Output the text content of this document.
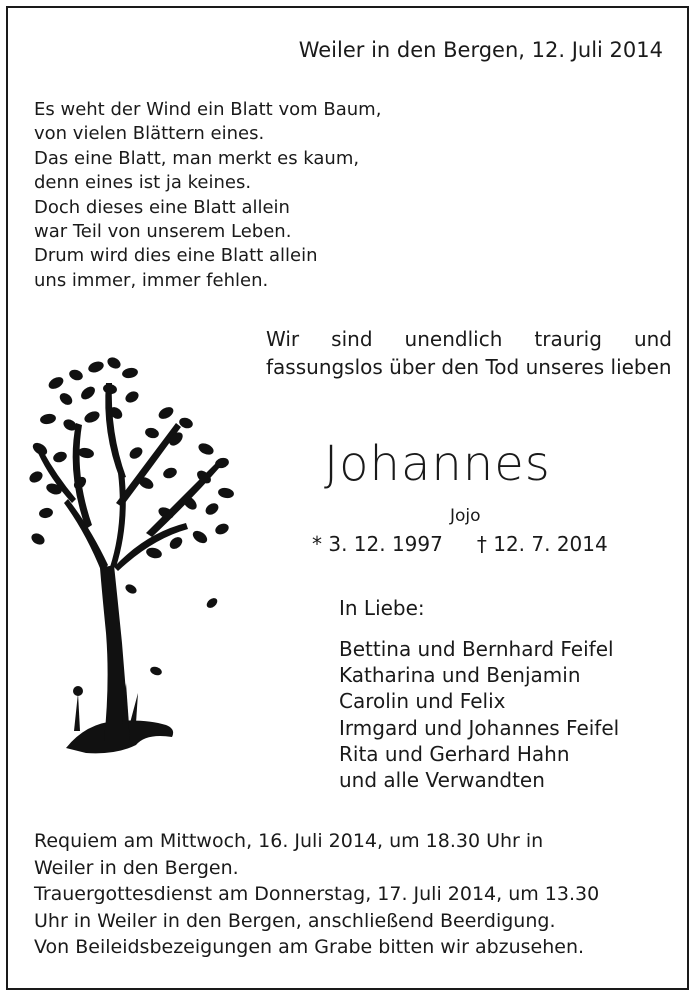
Weiler in den Bergen, 12. Juli 2014
Es weht der Wind ein Blatt vom Baum,
von vielen Blättern eines.
Das eine Blatt, man merkt es kaum,
denn eines ist ja keines.
Doch dieses eine Blatt allein
war Teil von unserem Leben.
Drum wird dies eine Blatt allein
uns immer, immer fehlen.
Wir sind unendlich traurig und fassungslos über den Tod unseres lieben
Johannes
Jojo
* 3. 12. 1997 † 12. 7. 2014
In Liebe:
Bettina und Bernhard Feifel
Katharina und Benjamin
Carolin und Felix
Irmgard und Johannes Feifel
Rita und Gerhard Hahn
und alle Verwandten
Requiem am Mittwoch, 16. Juli 2014, um 18.30 Uhr in
Weiler in den Bergen.
Trauergottesdienst am Donnerstag, 17. Juli 2014, um 13.30
Uhr in Weiler in den Bergen, anschließend Beerdigung.
Von Beileidsbezeigungen am Grabe bitten wir abzusehen.
